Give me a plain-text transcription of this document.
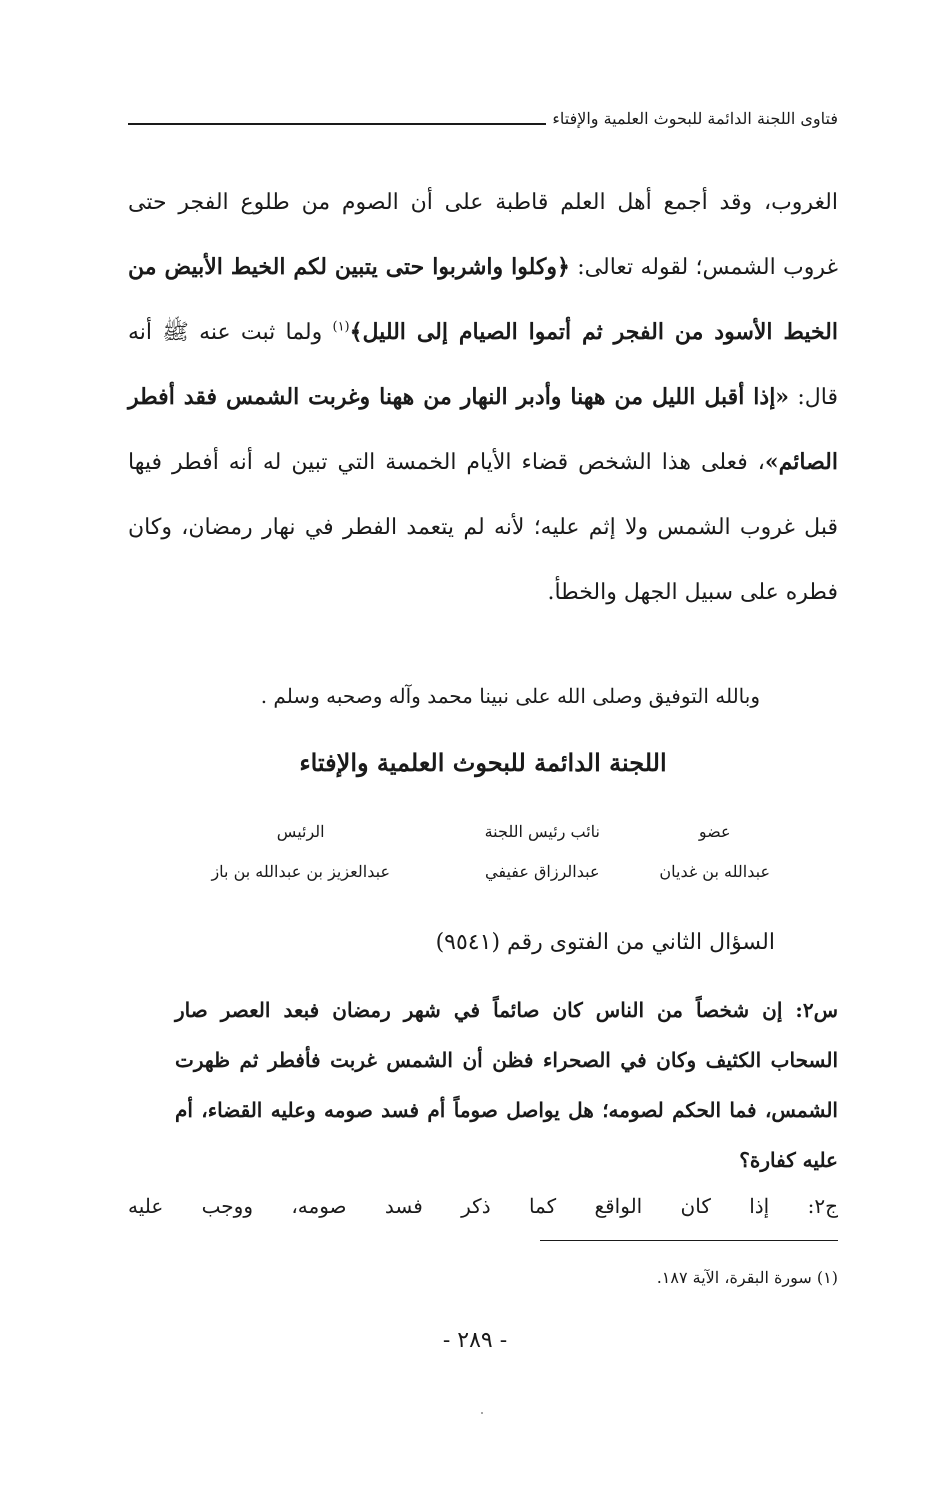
فتاوى اللجنة الدائمة للبحوث العلمية والإفتاء
الغروب، وقد أجمع أهل العلم قاطبة على أن الصوم من طلوع الفجر حتى غروب الشمس؛ لقوله تعالى: ﴿وكلوا واشربوا حتى يتبين لكم الخيط الأبيض من الخيط الأسود من الفجر ثم أتموا الصيام إلى الليل﴾$^{(١)}$ ولما ثبت عنه ﷺ أنه قال: «إذا أقبل الليل من ههنا وأدبر النهار من ههنا وغربت الشمس فقد أفطر الصائم»، فعلى هذا الشخص قضاء الأيام الخمسة التي تبين له أنه أفطر فيها قبل غروب الشمس ولا إثم عليه؛ لأنه لم يتعمد الفطر في نهار رمضان، وكان فطره على سبيل الجهل والخطأ.
وبالله التوفيق وصلى الله على نبينا محمد وآله وصحبه وسلم .
اللجنة الدائمة للبحوث العلمية والإفتاء
عضو
عبدالله بن غديان
نائب رئيس اللجنة
عبدالرزاق عفيفي
الرئيس
عبدالعزيز بن عبدالله بن باز
السؤال الثاني من الفتوى رقم (٩٥٤١)
س٢: إن شخصاً من الناس كان صائماً في شهر رمضان فبعد العصر صار السحاب الكثيف وكان في الصحراء فظن أن الشمس غربت فأفطر ثم ظهرت الشمس، فما الحكم لصومه؛ هل يواصل صوماً أم فسد صومه وعليه القضاء، أم عليه كفارة؟
ج٢: إذا كان الواقع كما ذكر فسد صومه، ووجب عليه
(١) سورة البقرة، الآية ١٨٧.
- ٢٨٩ -
